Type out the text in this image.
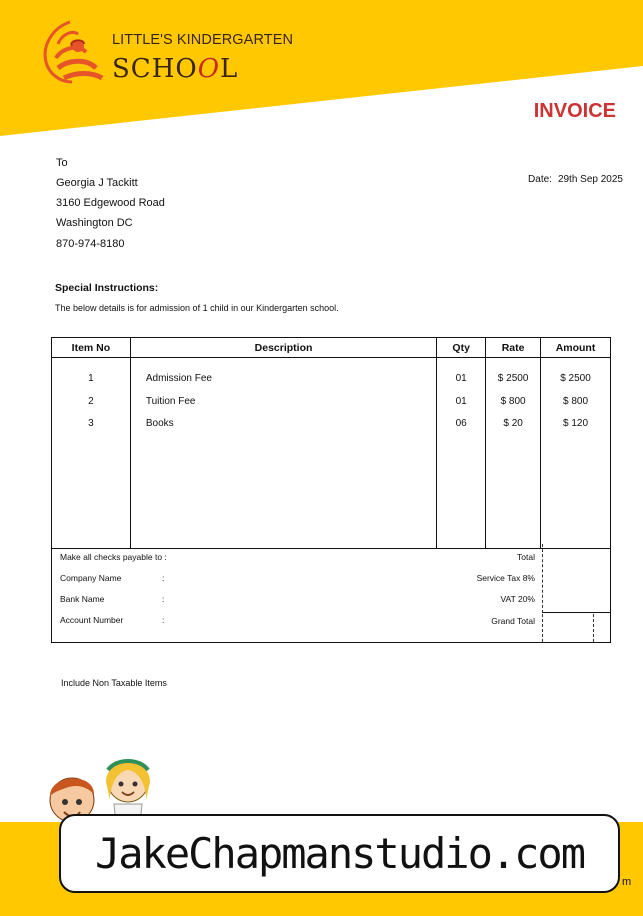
LITTLE'S KINDERGARTEN
SCHOOL
INVOICE
To
Georgia J Tackitt
3160 Edgewood Road
Washington DC
870-974-8180
Date: 29th Sep 2025
Special Instructions:
The below details is for admission of 1 child in our Kindergarten school.
Item No	Description	Qty	Rate	Amount
1	Admission Fee	01	$ 2500	$ 2500
2	Tuition Fee	01	$ 800	$ 800
3	Books	06	$ 20	$ 120

Make all checks payable to :
Company Name	:
Bank Name	:
Account Number	:
Total
Service Tax 8%
VAT 20%
Grand Total
Include Non Taxable Items
JakeChapmanstudio.com
m
